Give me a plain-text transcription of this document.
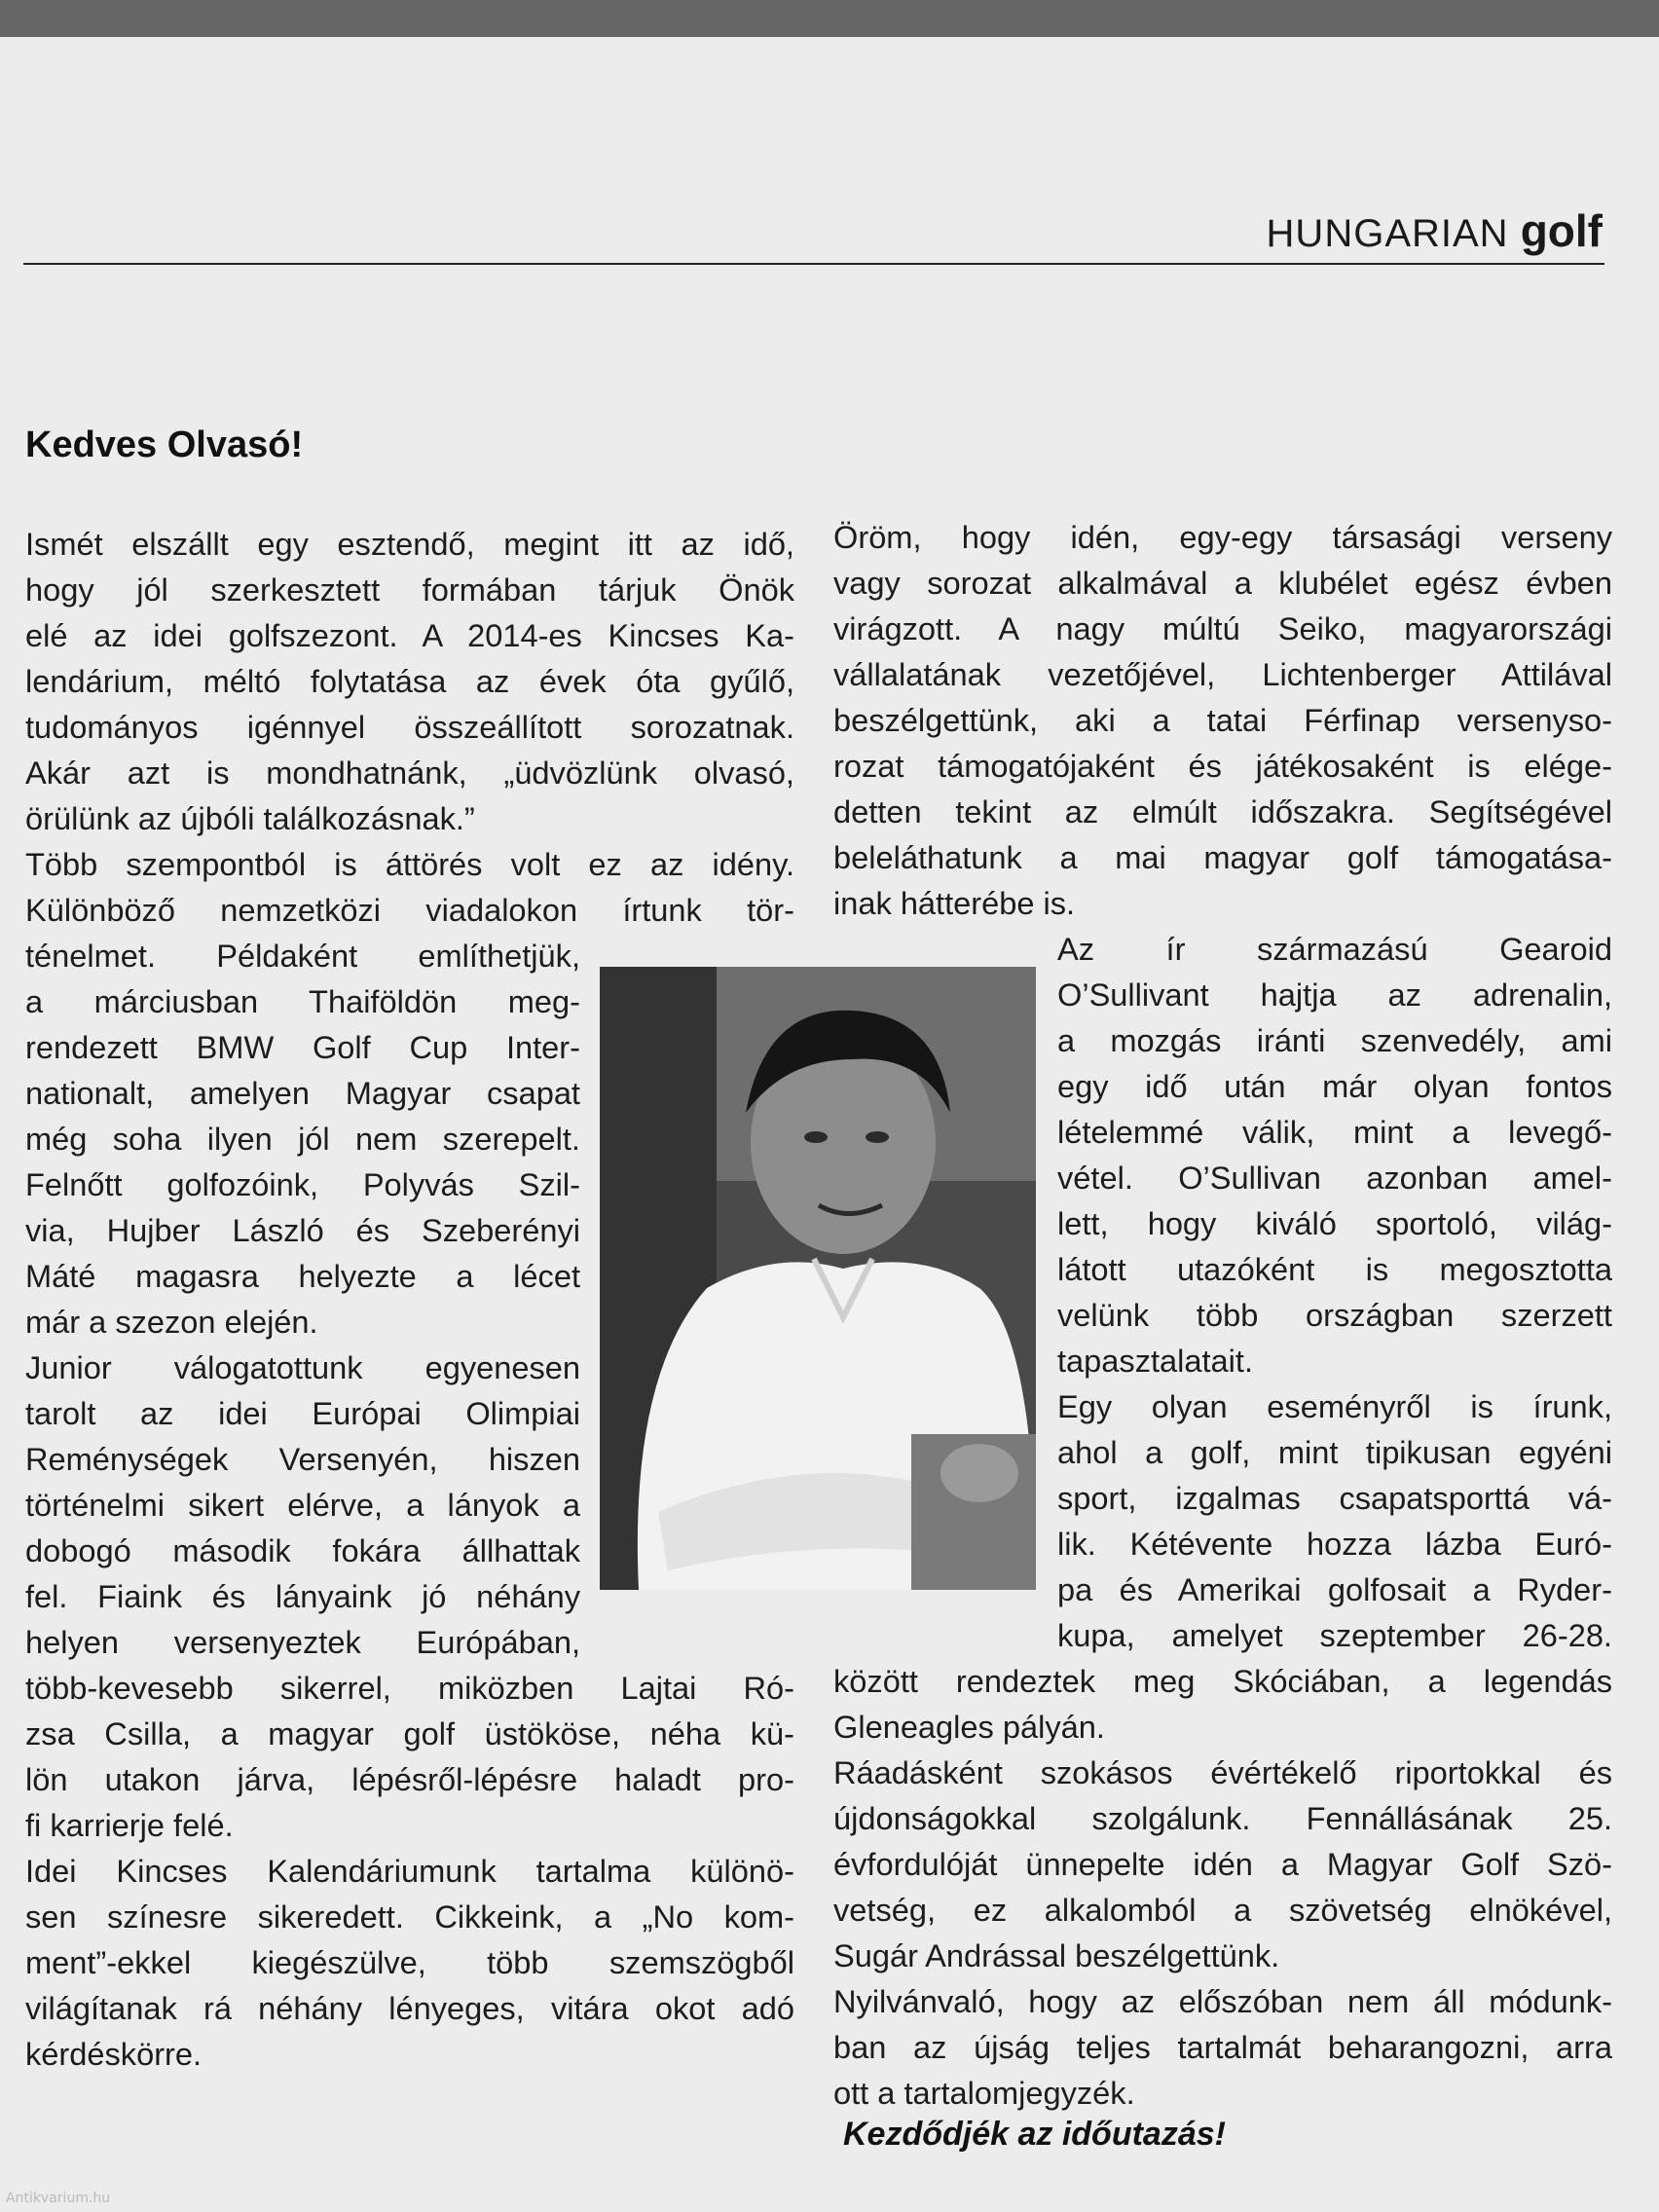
HUNGARIAN golf
Kedves Olvasó!
Ismét elszállt egy esztendő, megint itt az idő,
hogy jól szerkesztett formában tárjuk Önök
elé az idei golfszezont. A 2014-es Kincses Ka-
lendárium, méltó folytatása az évek óta gyűlő,
tudományos igénnyel összeállított sorozatnak.
Akár azt is mondhatnánk, „üdvözlünk olvasó,
örülünk az újbóli találkozásnak.”
Több szempontból is áttörés volt ez az idény.
Különböző nemzetközi viadalokon írtunk tör-
ténelmet. Példaként említhetjük,
a márciusban Thaiföldön meg-
rendezett BMW Golf Cup Inter-
nationalt, amelyen Magyar csapat
még soha ilyen jól nem szerepelt.
Felnőtt golfozóink, Polyvás Szil-
via, Hujber László és Szeberényi
Máté magasra helyezte a lécet
már a szezon elején.
Junior válogatottunk egyenesen
tarolt az idei Európai Olimpiai
Reménységek Versenyén, hiszen
történelmi sikert elérve, a lányok a
dobogó második fokára állhattak
fel. Fiaink és lányaink jó néhány
helyen versenyeztek Európában,
több-kevesebb sikerrel, miközben Lajtai Ró-
zsa Csilla, a magyar golf üstököse, néha kü-
lön utakon járva, lépésről-lépésre haladt pro-
fi karrierje felé.
Idei Kincses Kalendáriumunk tartalma különö-
sen színesre sikeredett. Cikkeink, a „No kom-
ment”-ekkel kiegészülve, több szemszögből
világítanak rá néhány lényeges, vitára okot adó
kérdéskörre.
Öröm, hogy idén, egy-egy társasági verseny
vagy sorozat alkalmával a klubélet egész évben
virágzott. A nagy múltú Seiko, magyarországi
vállalatának vezetőjével, Lichtenberger Attilával
beszélgettünk, aki a tatai Férfinap versenyso-
rozat támogatójaként és játékosaként is elége-
detten tekint az elmúlt időszakra. Segítségével
beleláthatunk a mai magyar golf támogatása-
inak hátterébe is.
Az ír származású Gearoid
O’Sullivant hajtja az adrenalin,
a mozgás iránti szenvedély, ami
egy idő után már olyan fontos
lételemmé válik, mint a levegő-
vétel. O’Sullivan azonban amel-
lett, hogy kiváló sportoló, világ-
látott utazóként is megosztotta
velünk több országban szerzett
tapasztalatait.
Egy olyan eseményről is írunk,
ahol a golf, mint tipikusan egyéni
sport, izgalmas csapatsporttá vá-
lik. Kétévente hozza lázba Euró-
pa és Amerikai golfosait a Ryder-
kupa, amelyet szeptember 26-28.
között rendeztek meg Skóciában, a legendás
Gleneagles pályán.
Ráadásként szokásos évértékelő riportokkal és
újdonságokkal szolgálunk. Fennállásának 25.
évfordulóját ünnepelte idén a Magyar Golf Szö-
vetség, ez alkalomból a szövetség elnökével,
Sugár Andrással beszélgettünk.
Nyilvánvaló, hogy az előszóban nem áll módunk-
ban az újság teljes tartalmát beharangozni, arra
ott a tartalomjegyzék.
Kezdődjék az időutazás!
Antikvarium.hu
